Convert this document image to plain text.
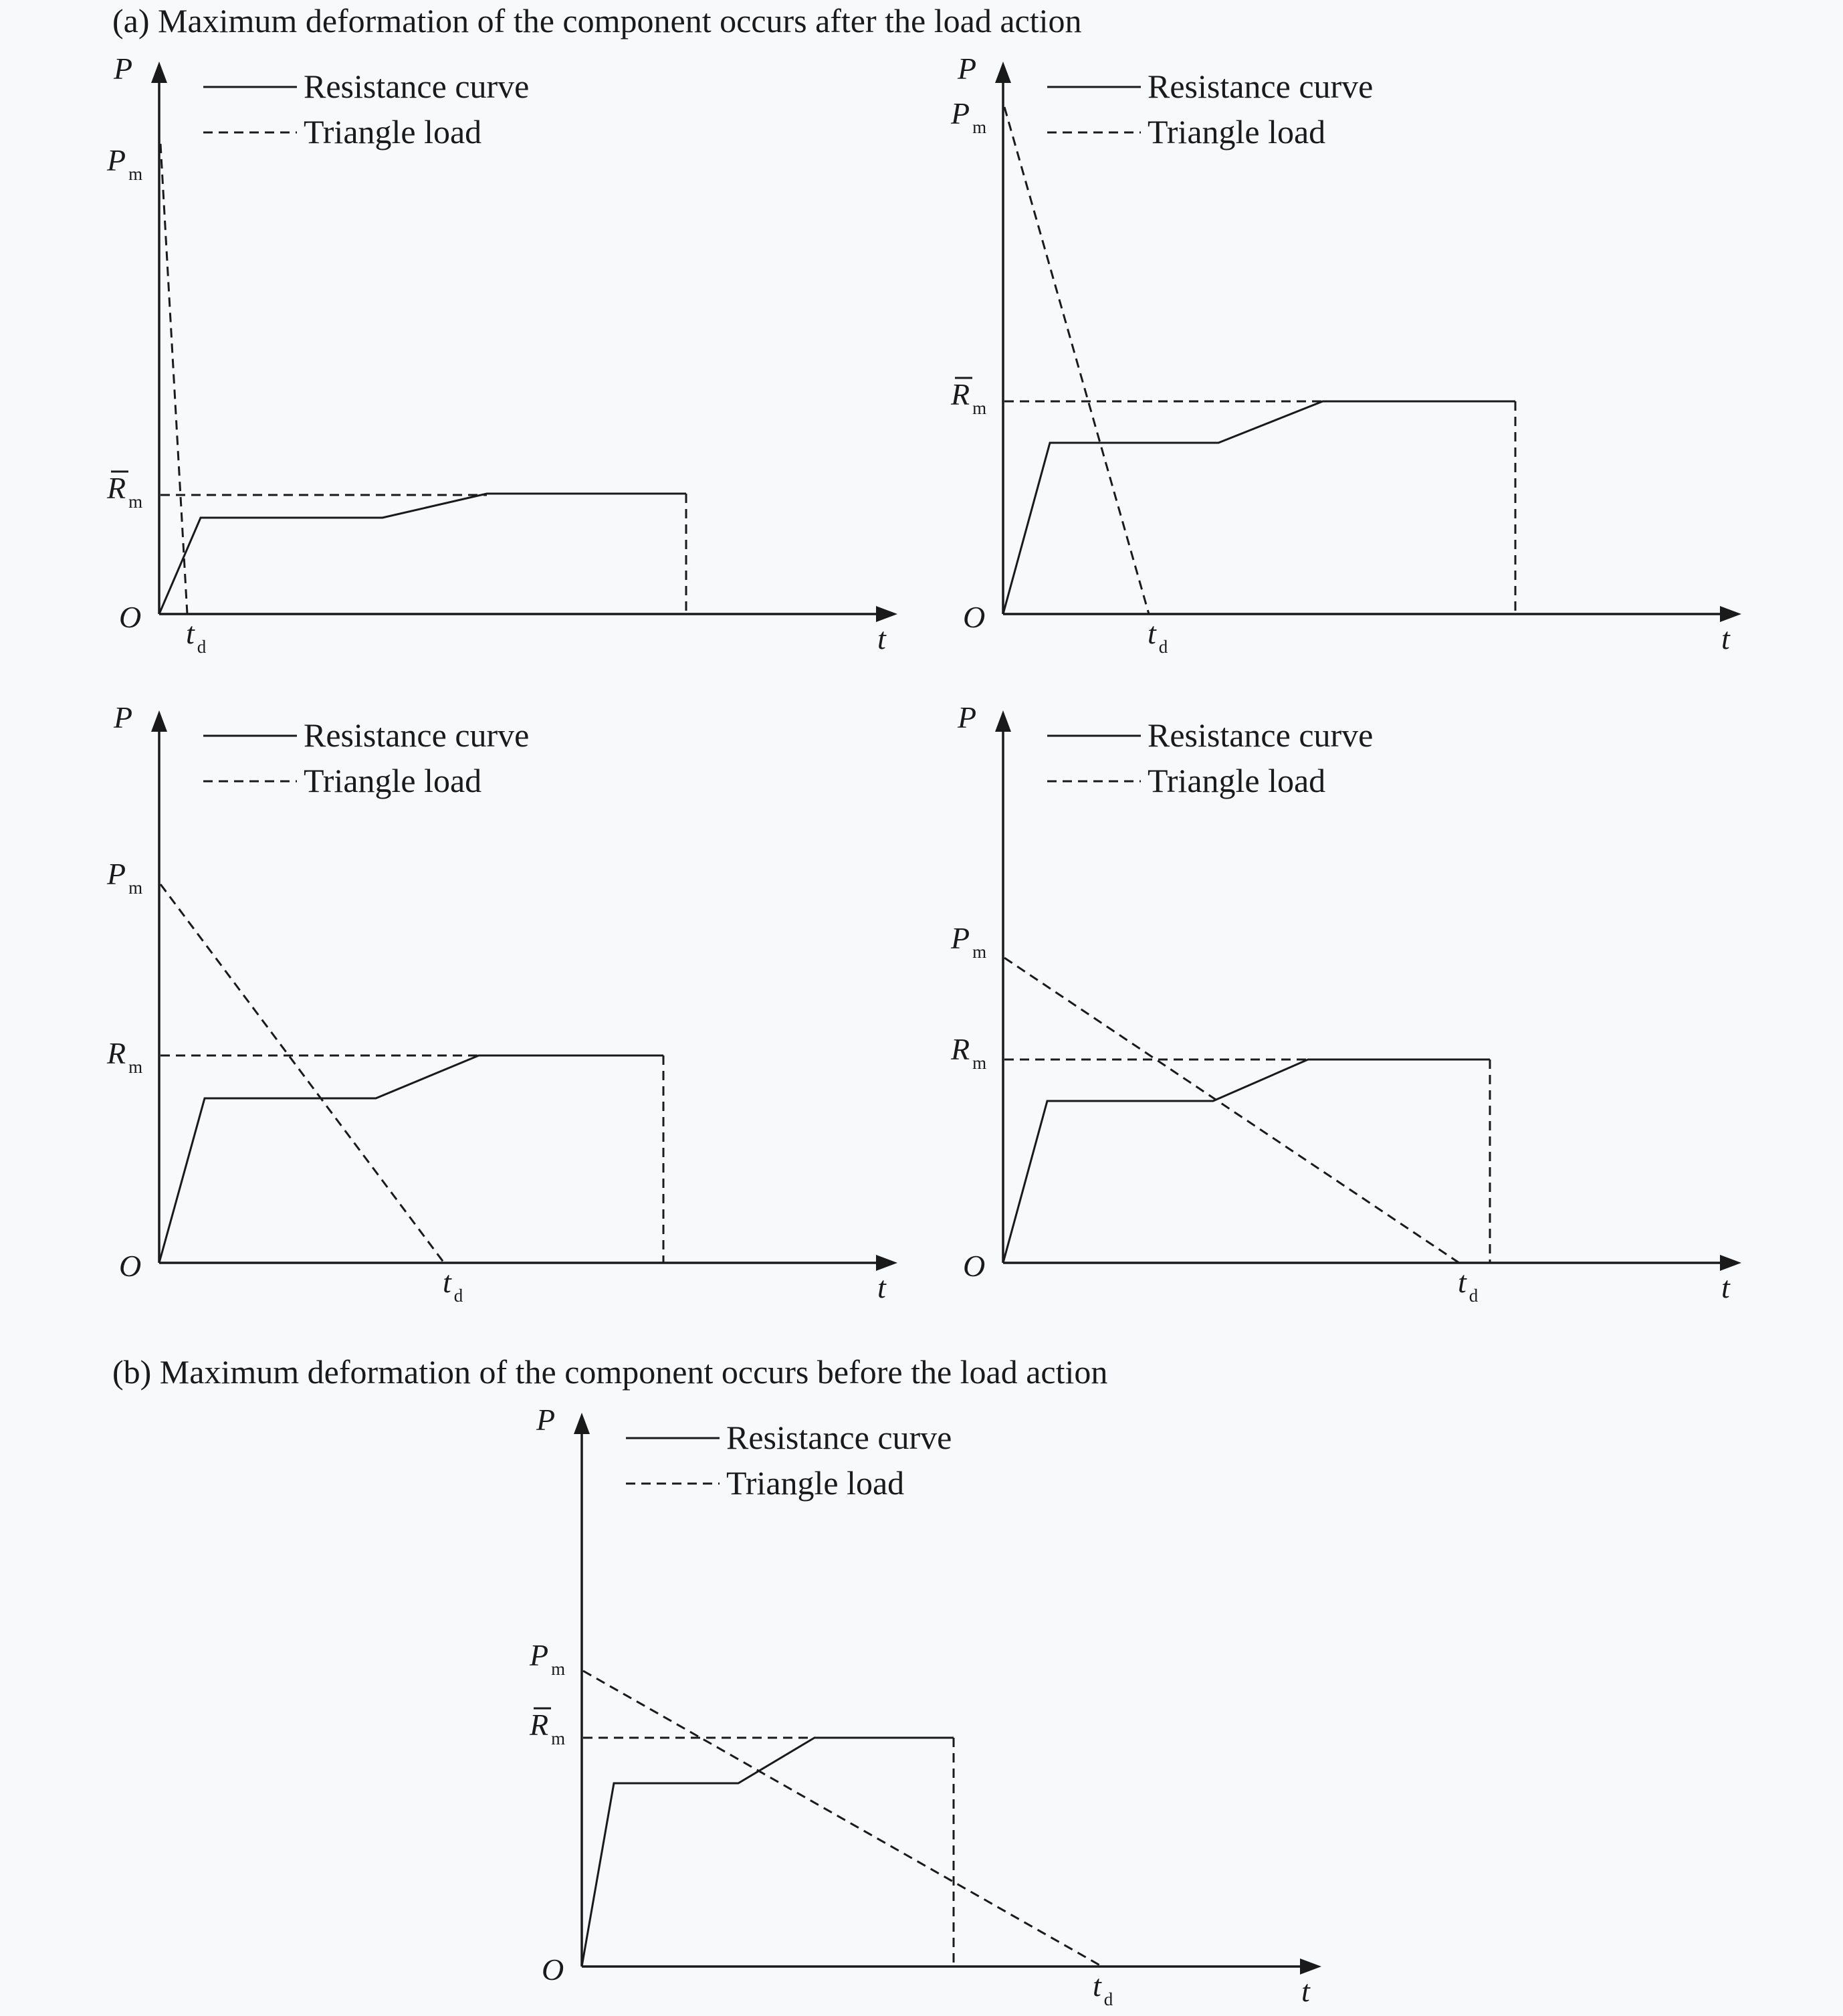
(a) Maximum deformation of the component occurs after the load action
(b) Maximum deformation of the component occurs before the load action
P
t
O
Resistance curve
Triangle load
P $_m$
R $_m$
t $_d$
P
t
O
Resistance curve
Triangle load
P $_m$
R $_m$
t $_d$
P
t
O
Resistance curve
Triangle load
P $_m$
R $_m$
t $_d$
P
t
O
Resistance curve
Triangle load
P $_m$
R $_m$
t $_d$
P
t
O
Resistance curve
Triangle load
P $_m$
R $_m$
t $_d$
